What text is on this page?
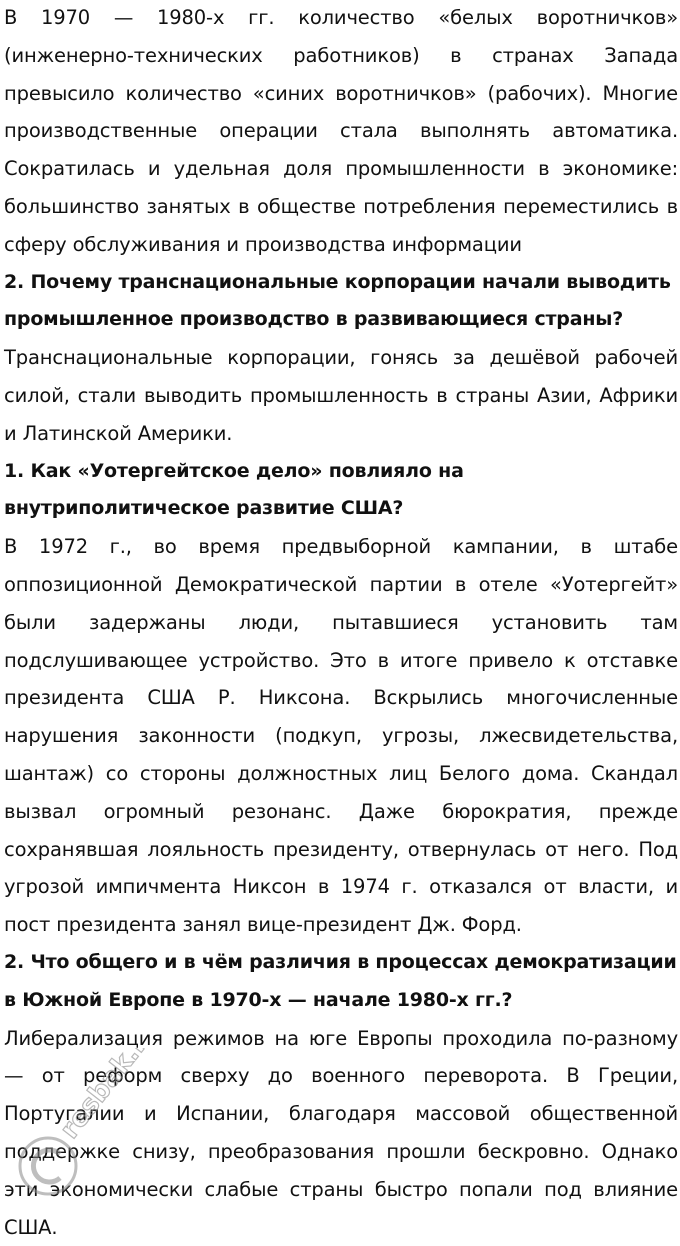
В 1970 — 1980-х гг. количество «белых воротничков» (инженерно-технических работников) в странах Запада превысило количество «синих воротничков» (рабочих). Многие производственные операции стала выполнять автоматика. Сократилась и удельная доля промышленности в экономике: большинство занятых в обществе потребления переместились в сферу обслуживания и производства информации

2. Почему транснациональные корпорации начали выводить промышленное производство в развивающиеся страны?

Транснациональные корпорации, гонясь за дешёвой рабочей силой, стали выводить промышленность в страны Азии, Африки и Латинской Америки.

1. Как «Уотергейтское дело» повлияло на внутриполитическое развитие США?

В 1972 г., во время предвыборной кампании, в штабе оппозиционной Демократической партии в отеле «Уотергейт» были задержаны люди, пытавшиеся установить там подслушивающее устройство. Это в итоге привело к отставке президента США Р. Никсона. Вскрылись многочисленные нарушения законности (подкуп, угрозы, лжесвидетельства, шантаж) со стороны должностных лиц Белого дома. Скандал вызвал огромный резонанс. Даже бюрократия, прежде сохранявшая лояльность президенту, отвернулась от него. Под угрозой импичмента Никсон в 1974 г. отказался от власти, и пост президента занял вице-президент Дж. Форд.

2. Что общего и в чём различия в процессах демократизации в Южной Европе в 1970-х — начале 1980-х гг.?

Либерализация режимов на юге Европы проходила по-разному — от реформ сверху до военного переворота. В Греции, Португалии и Испании, благодаря массовой общественной поддержке снизу, преобразования прошли бескровно. Однако эти экономически слабые страны быстро попали под влияние США.

resbak.ru
